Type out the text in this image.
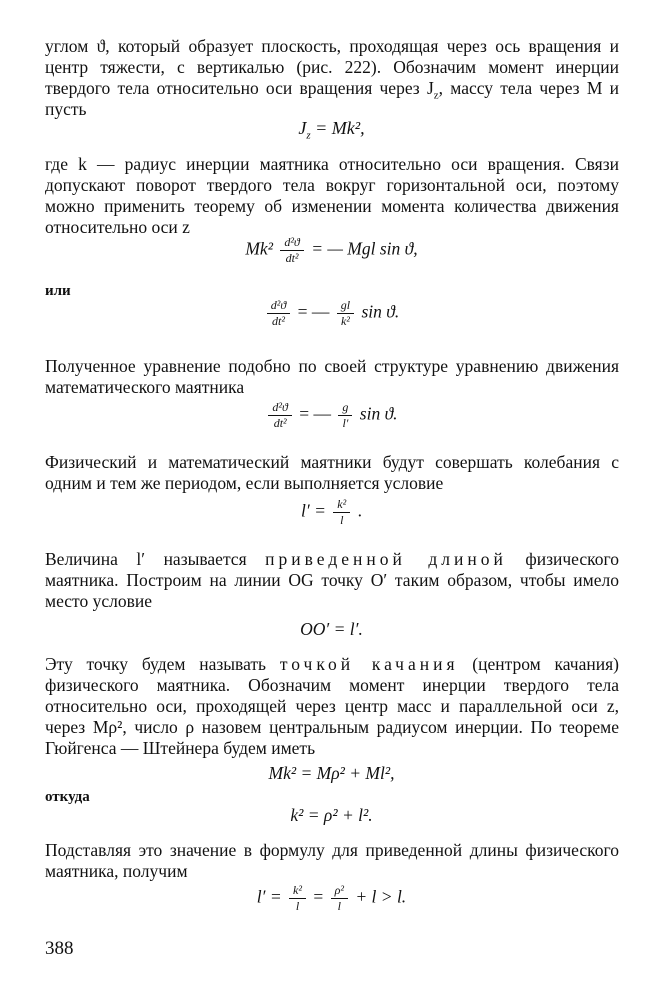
углом ϑ, который образует плоскость, проходящая через ось вращения и центр тяжести, с вертикалью (рис. 222). Обозначим момент инерции твердого тела относительно оси вращения через $J_z$, массу тела через M и пусть

$J_z = Mk^2$,

где k — радиус инерции маятника относительно оси вращения. Связи допускают поворот твердого тела вокруг горизонтальной оси, поэтому можно применить теорему об изменении момента количества движения относительно оси z

$Mk^2 \frac{\text{d²ϑ}}{\text{dt²}}$ = — Mgl sin ϑ,

или

$\frac{\text{d²ϑ}}{\text{dt²}}$ = — $\frac{gl}{\text{k²}}$ sin ϑ.

Полученное уравнение подобно по своей структуре уравнению движения математического маятника

$\frac{\text{d²ϑ}}{\text{dt²}}$ = — $\frac{g}{l'}$ sin ϑ.

Физический и математический маятники будут совершать колебания с одним и тем же периодом, если выполняется условие

$l' = \frac{\text{k²}}{l}$ .

Величина l′ называется приведенной длиной физического маятника. Построим на линии OG точку O′ таким образом, чтобы имело место условие

OO′ = l′.

Эту точку будем называть точкой качания (центром качания) физического маятника. Обозначим момент инерции твердого тела относительно оси, проходящей через центр масс и параллельной оси z, через Mρ², число ρ назовем центральным радиусом инерции. По теореме Гюйгенса — Штейнера будем иметь

Mk² = Mρ² + Ml²,

откуда

k² = ρ² + l².

Подставляя это значение в формулу для приведенной длины физического маятника, получим

$l' = \frac{\text{k²}}{l} = \frac{\text{ρ²}}{l} + l > l$.
388
